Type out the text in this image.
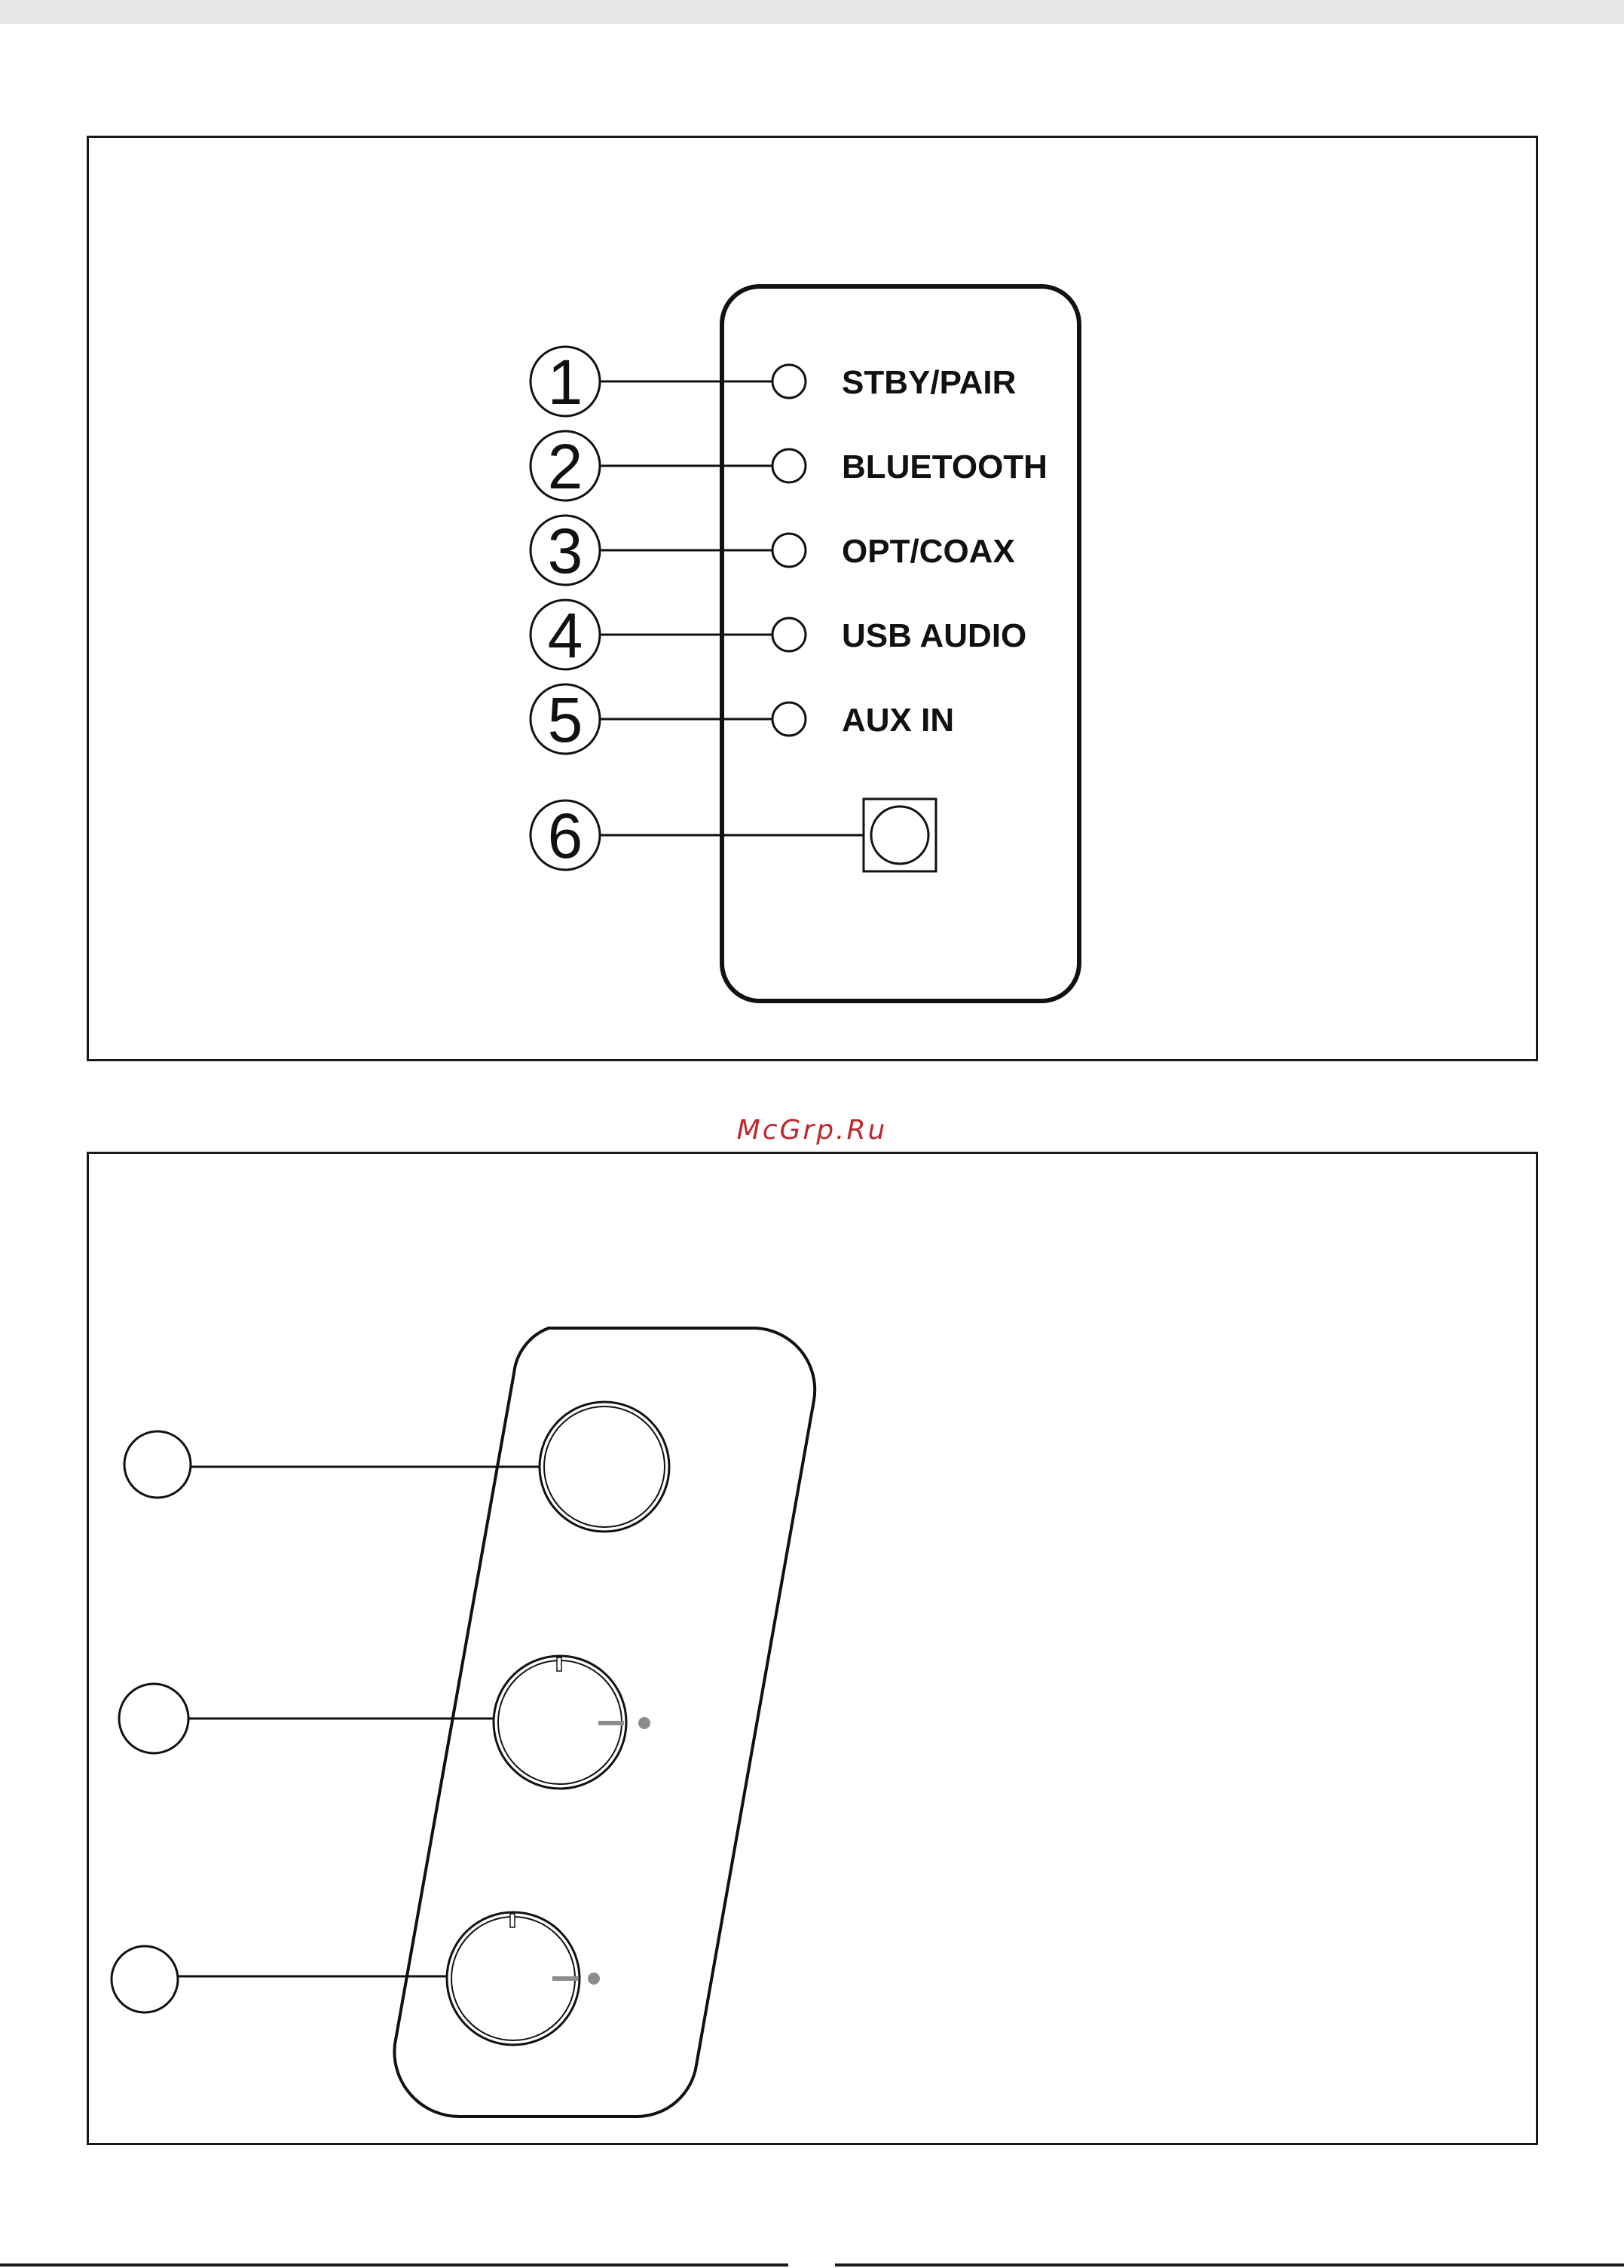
1	STBY/PAIR
2	BLUETOOTH
3	OPT/COAX
4	USB AUDIO
5	AUX IN
6
McGrp.Ru
